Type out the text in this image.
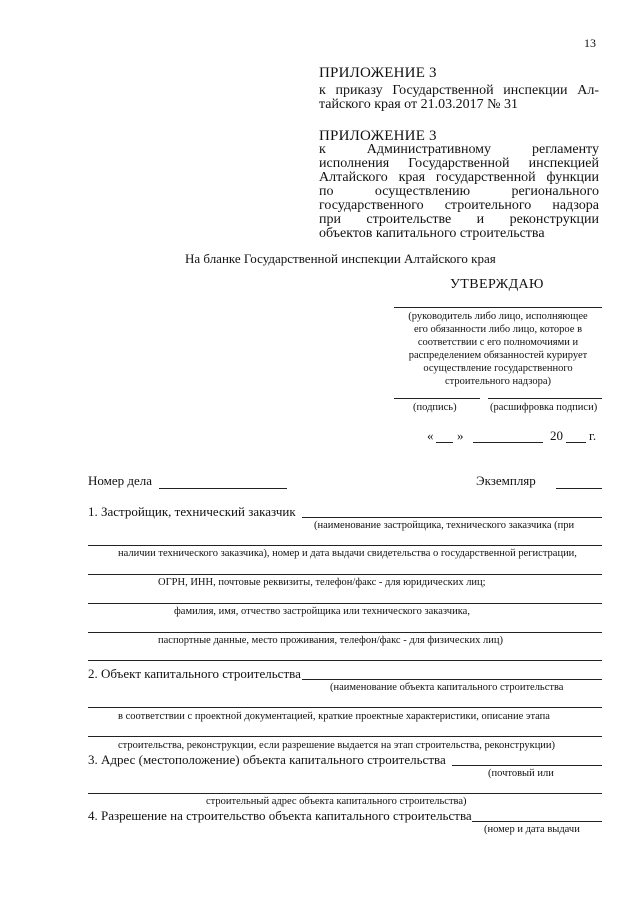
13
ПРИЛОЖЕНИЕ 3
к приказу Государственной инспекции Ал-
тайского края от 21.03.2017 № 31
ПРИЛОЖЕНИЕ 3
к Административному регламенту
исполнения Государственной инспекцией
Алтайского края государственной функции
по осуществлению регионального
государственного строительного надзора
при строительстве и реконструкции
объектов капитального строительства
На бланке Государственной инспекции Алтайского края
УТВЕРЖДАЮ
(руководитель либо лицо, исполняющее
его обязанности либо лицо, которое в
соответствии с его полномочиями и
распределением обязанностей курирует
осуществление государственного
строительного надзора)
(подпись)	(расшифровка подписи)
« »	20 г.
Номер дела	Экземпляр
1. Застройщик, технический заказчик
(наименование застройщика, технического заказчика (при
наличии технического заказчика), номер и дата выдачи свидетельства о государственной регистрации,
ОГРН, ИНН, почтовые реквизиты, телефон/факс - для юридических лиц;
фамилия, имя, отчество застройщика или технического заказчика,
паспортные данные, место проживания, телефон/факс - для физических лиц)
2. Объект капитального строительства
(наименование объекта капитального строительства
в соответствии с проектной документацией, краткие проектные характеристики, описание этапа
строительства, реконструкции, если разрешение выдается на этап строительства, реконструкции)
3. Адрес (местоположение) объекта капитального строительства
(почтовый или
строительный адрес объекта капитального строительства)
4. Разрешение на строительство объекта капитального строительства
(номер и дата выдачи
